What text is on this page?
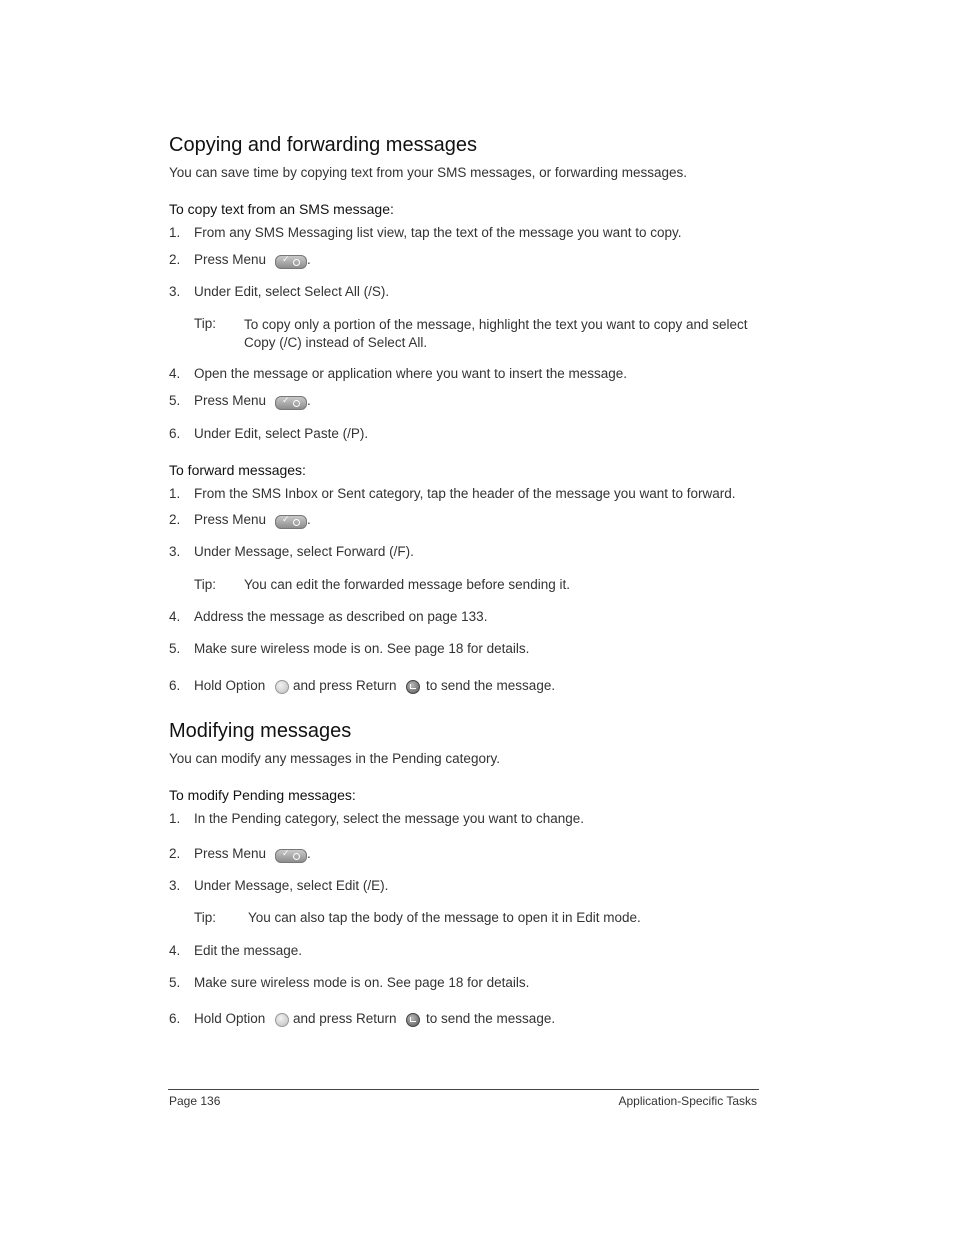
Copying and forwarding messages
You can save time by copying text from your SMS messages, or forwarding messages.
To copy text from an SMS message:
1. From any SMS Messaging list view, tap the text of the message you want to copy.
2. Press Menu ✓	.
3. Under Edit, select Select All (/S).
Tip: To copy only a portion of the message, highlight the text you want to copy and select
Copy (/C) instead of Select All.
4. Open the message or application where you want to insert the message.
5. Press Menu ✓	.
6. Under Edit, select Paste (/P).
To forward messages:
1. From the SMS Inbox or Sent category, tap the header of the message you want to forward.
2. Press Menu ✓	.
3. Under Message, select Forward (/F).
Tip: You can edit the forwarded message before sending it.
4. Address the message as described on page 133.
5. Make sure wireless mode is on. See page 18 for details.
6. Hold Option and press Return to send the message.
Modifying messages
You can modify any messages in the Pending category.
To modify Pending messages:
1. In the Pending category, select the message you want to change.
2. Press Menu ✓	.
3. Under Message, select Edit (/E).
Tip: You can also tap the body of the message to open it in Edit mode.
4. Edit the message.
5. Make sure wireless mode is on. See page 18 for details.
6. Hold Option and press Return to send the message.
Page 136	Application-Specific Tasks
